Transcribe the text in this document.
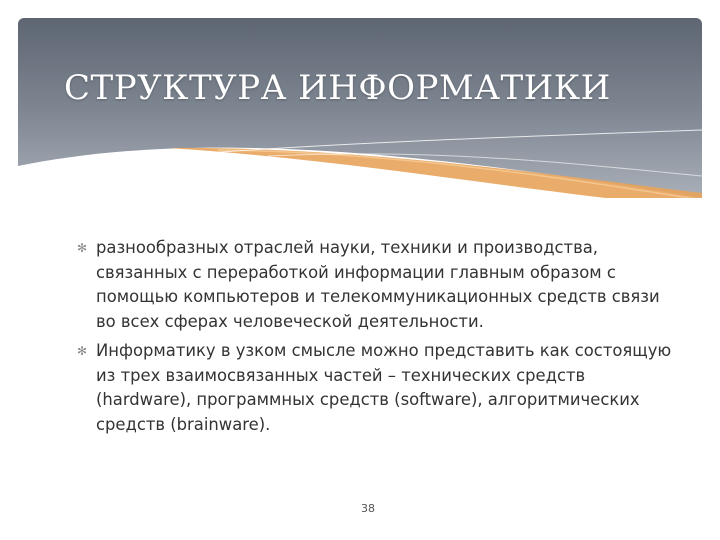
СТРУКТУРА ИНФОРМАТИКИ
✻ разнообразных отраслей науки, техники и производства, связанных с переработкой информации главным образом с помощью компьютеров и телекоммуникационных средств связи во всех сферах человеческой деятельности.
✻ Информатику в узком смысле можно представить как состоящую из трех взаимосвязанных частей – технических средств (hardware), программных средств (software), алгоритмических средств (brainware).
38
